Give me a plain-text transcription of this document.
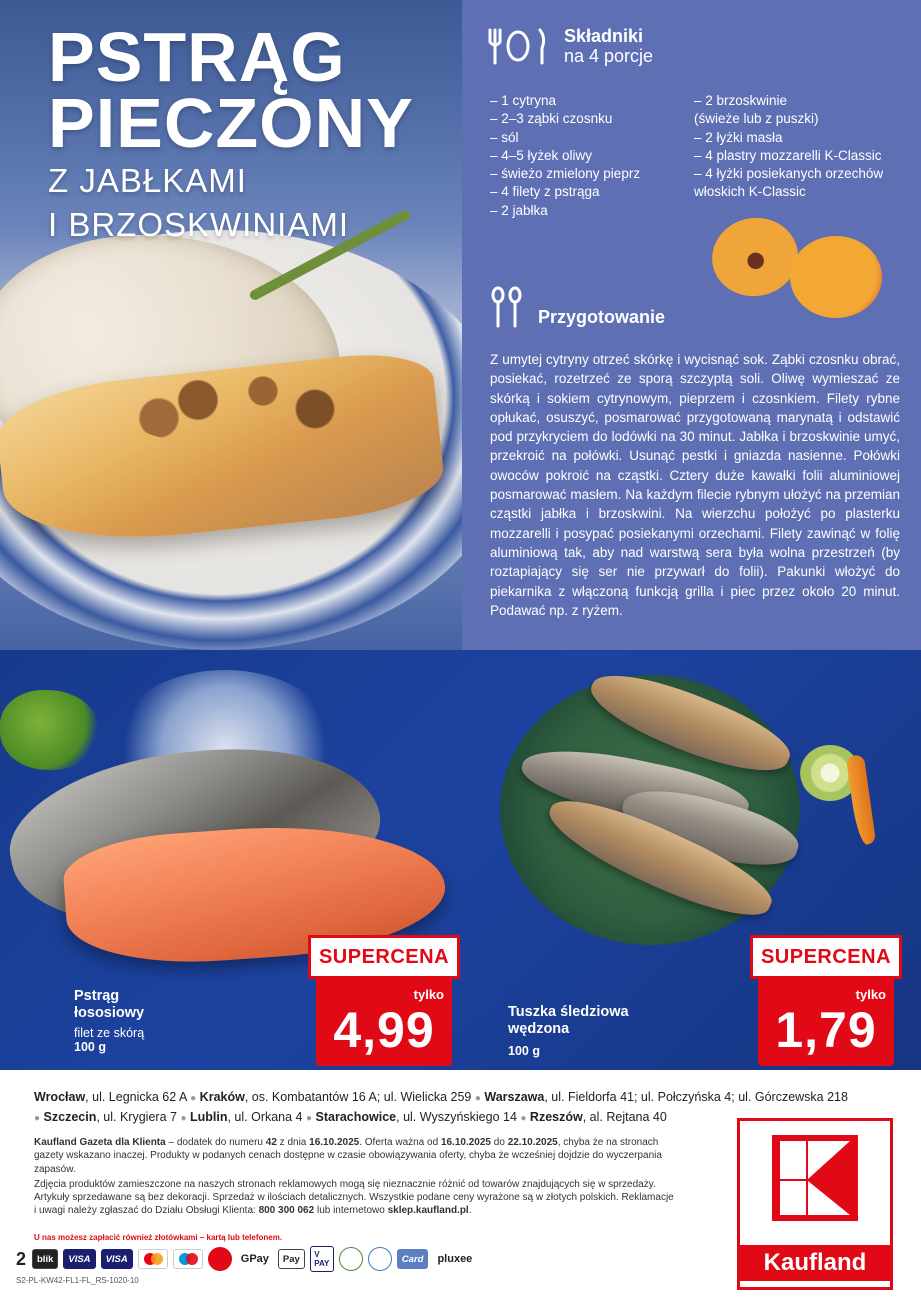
PSTRĄG
PIECZONY
Z JABŁKAMI
I BRZOSKWINIAMI
Składniki
na 4 porcje
– 1 cytryna
– 2–3 ząbki czosnku
– sól
– 4–5 łyżek oliwy
– świeżo zmielony pieprz
– 4 filety z pstrąga
– 2 jabłka
– 2 brzoskwinie
(świeże lub z puszki)
– 2 łyżki masła
– 4 plastry mozzarelli K-Classic
– 4 łyżki posiekanych orzechów
włoskich K-Classic
Przygotowanie

Z umytej cytryny otrzeć skórkę i wycisnąć sok. Ząbki czosnku obrać, posiekać, rozetrzeć ze sporą szczyptą soli. Oliwę wymieszać ze skórką i sokiem cytrynowym, pieprzem i czosnkiem. Filety rybne opłukać, osuszyć, posmarować przygotowaną marynatą i odstawić pod przykryciem do lodówki na 30 minut. Jabłka i brzoskwinie umyć, przekroić na połówki. Usunąć pestki i gniazda nasienne. Połówki owoców pokroić na cząstki. Cztery duże kawałki folii aluminiowej posmarować masłem. Na każdym filecie rybnym ułożyć na przemian cząstki jabłka i brzoskwini. Na wierzchu położyć po plasterku mozzarelli i posypać posiekanymi orzechami. Filety zawinąć w folię aluminiową tak, aby nad warstwą sera była wolna przestrzeń (by roztapiający się ser nie przywarł do folii). Pakunki włożyć do piekarnika z włączoną funkcją grilla i piec przez około 20 minut. Podawać np. z ryżem.

Pstrąg
łososiowy
filet ze skórą
100 g
SUPERCENA
tylko
4,99	Tuszka śledziowa
wędzona
100 g
SUPERCENA
tylko
1,79
Wrocław, ul. Legnicka 62 A ● Kraków, os. Kombatantów 16 A; ul. Wielicka 259 ● Warszawa, ul. Fieldorfa 41; ul. Połczyńska 4; ul. Górczewska 218
● Szczecin, ul. Krygiera 7 ● Lublin, ul. Orkana 4 ● Starachowice, ul. Wyszyńskiego 14 ● Rzeszów, al. Rejtana 40

Kaufland Gazeta dla Klienta – dodatek do numeru 42 z dnia 16.10.2025. Oferta ważna od 16.10.2025 do 22.10.2025, chyba że na stronach gazety wskazano inaczej. Produkty w podanych cenach dostępne w czasie obowiązywania oferty, chyba że wcześniej dojdzie do wyczerpania zapasów.

Zdjęcia produktów zamieszczone na naszych stronach reklamowych mogą się nieznacznie różnić od towarów znajdujących się w sprzedaży. Artykuły sprzedawane są bez dekoracji. Sprzedaż w ilościach detalicznych. Wszystkie podane ceny wyrażone są w złotych polskich. Reklamacje i uwagi należy zgłaszać do Działu Obsługi Klienta: 800 300 062 lub internetowo sklep.kaufland.pl.

U nas możesz zapłacić również złotówkami – kartą lub telefonem.
2	blik	VISA	VISA	G Pay Pay	V PAY	Card	pluxee
S2-PL-KW42-FL1-FL_RS-1020-10
Kaufland
